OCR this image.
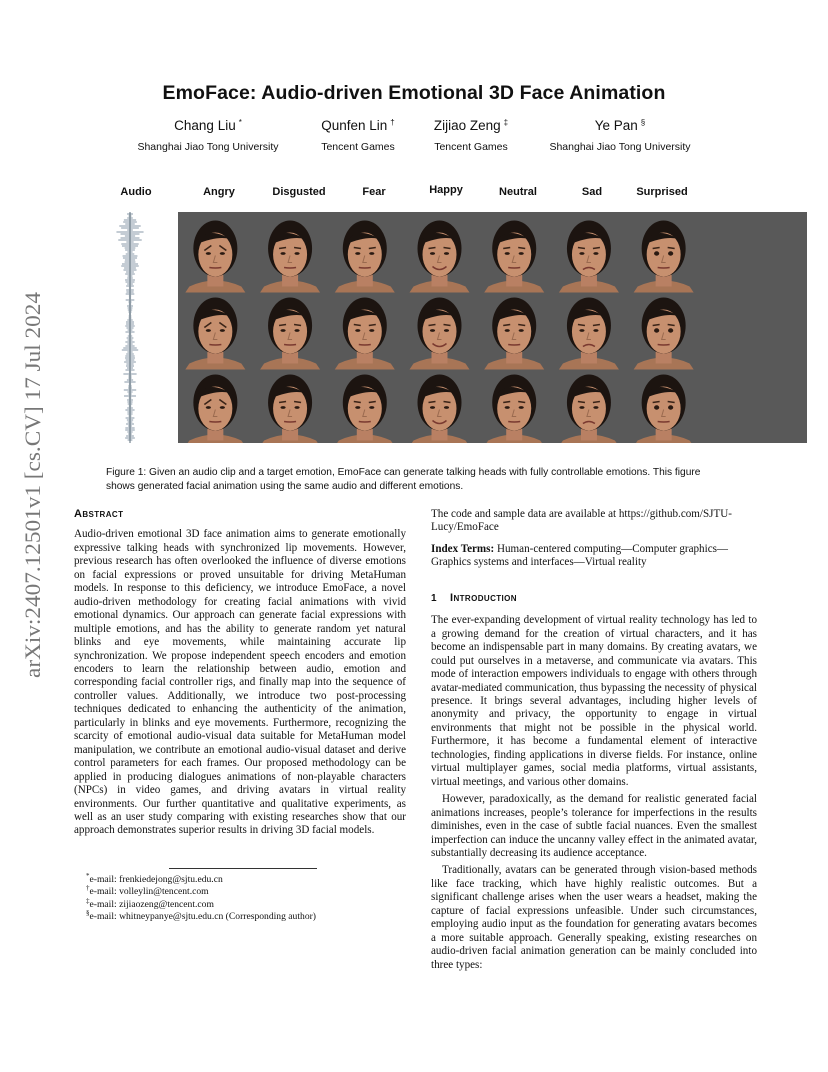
arXiv:2407.12501v1 [cs.CV] 17 Jul 2024
EmoFace: Audio-driven Emotional 3D Face Animation
Chang Liu *
Shanghai Jiao Tong University
Qunfen Lin †
Tencent Games
Zijiao Zeng ‡
Tencent Games
Ye Pan §
Shanghai Jiao Tong University
Audio	Angry	Disgusted	Fear	Happy	Neutral	Sad	Surprised
Figure 1: Given an audio clip and a target emotion, EmoFace can generate talking heads with fully controllable emotions. This figure shows generated facial animation using the same audio and different emotions.
Abstract

Audio-driven emotional 3D face animation aims to generate emotionally expressive talking heads with synchronized lip movements. However, previous research has often overlooked the influence of diverse emotions on facial expressions or proved unsuitable for driving MetaHuman models. In response to this deficiency, we introduce EmoFace, a novel audio-driven methodology for creating facial animations with vivid emotional dynamics. Our approach can generate facial expressions with multiple emotions, and has the ability to generate random yet natural blinks and eye movements, while maintaining accurate lip synchronization. We propose independent speech encoders and emotion encoders to learn the relationship between audio, emotion and corresponding facial controller rigs, and finally map into the sequence of controller values. Additionally, we introduce two post-processing techniques dedicated to enhancing the authenticity of the animation, particularly in blinks and eye movements. Furthermore, recognizing the scarcity of emotional audio-visual data suitable for MetaHuman model manipulation, we contribute an emotional audio-visual dataset and derive control parameters for each frames. Our proposed methodology can be applied in producing dialogues animations of non-playable characters (NPCs) in video games, and driving avatars in virtual reality environments. Our further quantitative and qualitative experiments, as well as an user study comparing with existing researches show that our approach demonstrates superior results in driving 3D facial models.

*e-mail: frenkiedejong@sjtu.edu.cn
†e-mail: volleylin@tencent.com
‡e-mail: zijiaozeng@tencent.com
§e-mail: whitneypanye@sjtu.edu.cn (Corresponding author)

The code and sample data are available at https://github.com/SJTU-Lucy/EmoFace

Index Terms: Human-centered computing—Computer graphics—Graphics systems and interfaces—Virtual reality

1 Introduction

The ever-expanding development of virtual reality technology has led to a growing demand for the creation of virtual characters, and it has become an indispensable part in many domains. By creating avatars, we could put ourselves in a metaverse, and communicate via avatars. This mode of interaction empowers individuals to engage with others through avatar-mediated communication, thus bypassing the necessity of physical presence. It brings several advantages, including higher levels of anonymity and privacy, the opportunity to engage in virtual environments that might not be possible in the physical world. Furthermore, it has become a fundamental element of interactive technologies, finding applications in diverse fields. For instance, online virtual multiplayer games, social media platforms, virtual assistants, virtual meetings, and various other domains.

However, paradoxically, as the demand for realistic generated facial animations increases, people’s tolerance for imperfections in the results diminishes, even in the case of subtle facial nuances. Even the smallest imperfection can induce the uncanny valley effect in the animated avatar, substantially decreasing its audience acceptance.

Traditionally, avatars can be generated through vision-based methods like face tracking, which have highly realistic outcomes. But a significant challenge arises when the user wears a headset, making the capture of facial expressions unfeasible. Under such circumstances, employing audio input as the foundation for generating avatars becomes a more suitable approach. Generally speaking, existing researches on audio-driven facial animation generation can be mainly concluded into three types:
